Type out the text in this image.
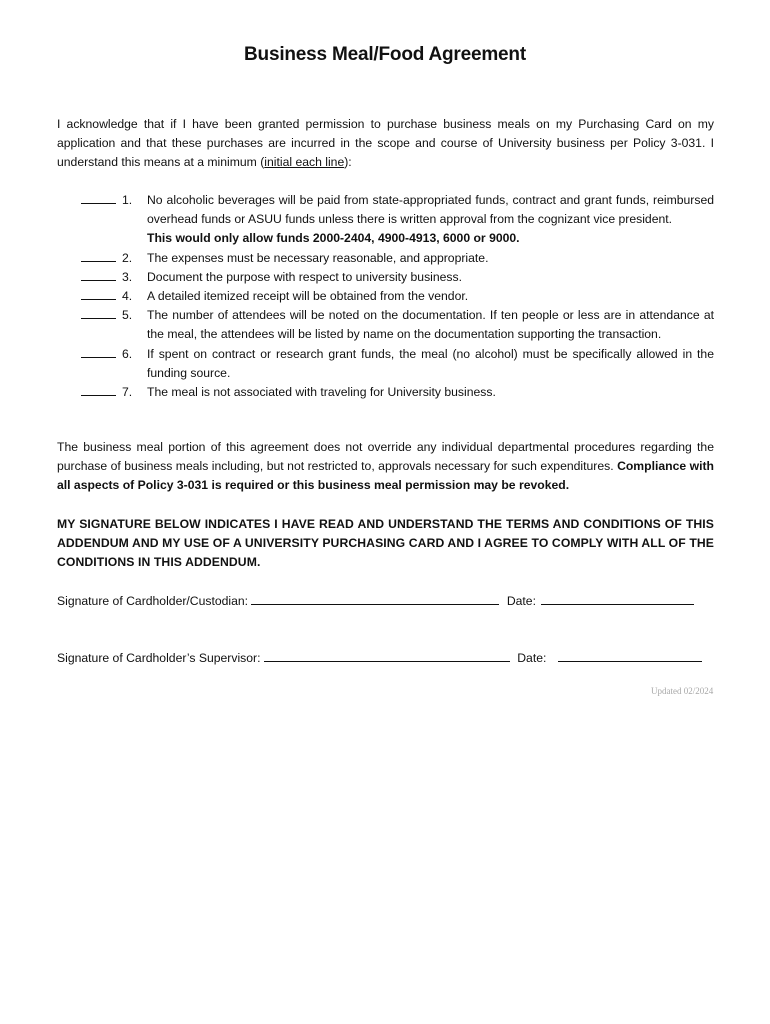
Business Meal/Food Agreement
I acknowledge that if I have been granted permission to purchase business meals on my Purchasing Card on my application and that these purchases are incurred in the scope and course of University business per Policy 3-031. I understand this means at a minimum (initial each line):
1. No alcoholic beverages will be paid from state-appropriated funds, contract and grant funds, reimbursed overhead funds or ASUU funds unless there is written approval from the cognizant vice president.
This would only allow funds 2000-2404, 4900-4913, 6000 or 9000.
2. The expenses must be necessary reasonable, and appropriate.
3. Document the purpose with respect to university business.
4. A detailed itemized receipt will be obtained from the vendor.
5. The number of attendees will be noted on the documentation. If ten people or less are in attendance at the meal, the attendees will be listed by name on the documentation supporting the transaction.
6. If spent on contract or research grant funds, the meal (no alcohol) must be specifically allowed in the funding source.
7. The meal is not associated with traveling for University business.
The business meal portion of this agreement does not override any individual departmental procedures regarding the purchase of business meals including, but not restricted to, approvals necessary for such expenditures. Compliance with all aspects of Policy 3-031 is required or this business meal permission may be revoked.
MY SIGNATURE BELOW INDICATES I HAVE READ AND UNDERSTAND THE TERMS AND CONDITIONS OF THIS ADDENDUM AND MY USE OF A UNIVERSITY PURCHASING CARD AND I AGREE TO COMPLY WITH ALL OF THE CONDITIONS IN THIS ADDENDUM.
Signature of Cardholder/Custodian:	Date:
Signature of Cardholder’s Supervisor:	Date:
Updated 02/2024
